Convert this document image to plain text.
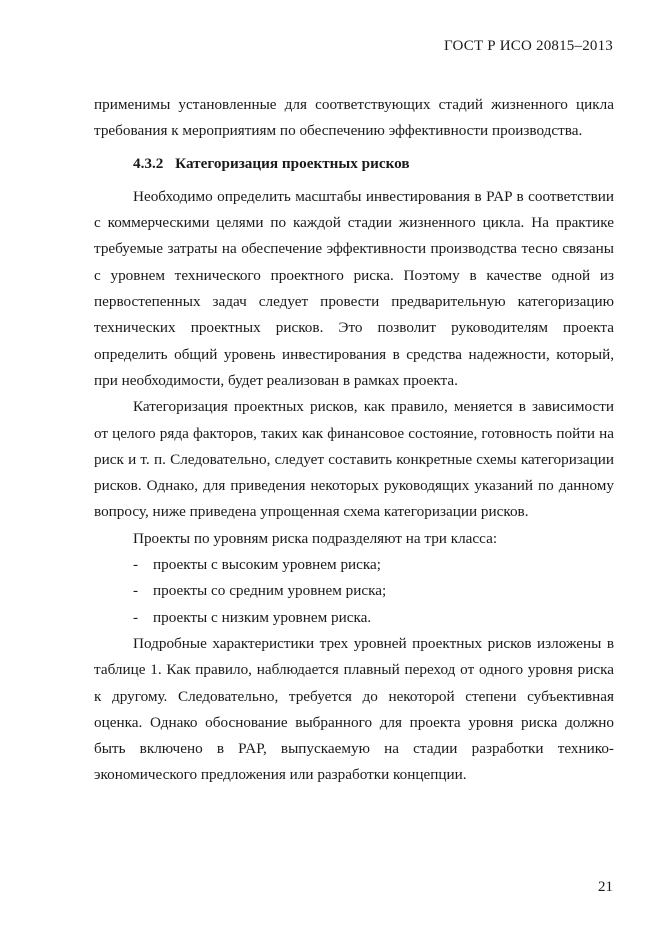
ГОСТ Р ИСО 20815–2013

применимы установленные для соответствующих стадий жизненного цикла требования к мероприятиям по обеспечению эффективности производства.

4.3.2 Категоризация проектных рисков

Необходимо определить масштабы инвестирования в PAP в соответствии с коммерческими целями по каждой стадии жизненного цикла. На практике требуемые затраты на обеспечение эффективности производства тесно связаны с уровнем технического проектного риска. Поэтому в качестве одной из первостепенных задач следует провести предварительную категоризацию технических проектных рисков. Это позволит руководителям проекта определить общий уровень инвестирования в средства надежности, который, при необходимости, будет реализован в рамках проекта.

Категоризация проектных рисков, как правило, меняется в зависимости от целого ряда факторов, таких как финансовое состояние, готовность пойти на риск и т. п. Следовательно, следует составить конкретные схемы категоризации рисков. Однако, для приведения некоторых руководящих указаний по данному вопросу, ниже приведена упрощенная схема категоризации рисков.

Проекты по уровням риска подразделяют на три класса:

- проекты с высоким уровнем риска;
- проекты со средним уровнем риска;
- проекты с низким уровнем риска.

Подробные характеристики трех уровней проектных рисков изложены в таблице 1. Как правило, наблюдается плавный переход от одного уровня риска к другому. Следовательно, требуется до некоторой степени субъективная оценка. Однако обоснование выбранного для проекта уровня риска должно быть включено в PAP, выпускаемую на стадии разработки технико-экономического предложения или разработки концепции.

21
